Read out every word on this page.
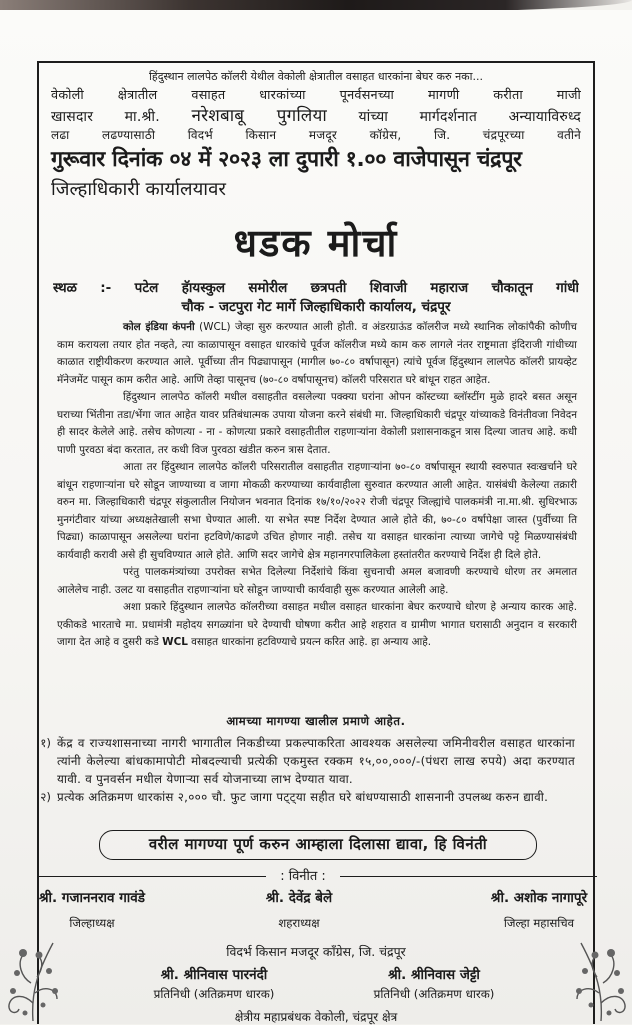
हिंदुस्थान लालपेठ कॉलरी येथील वेकोली क्षेत्रातील वसाहत धारकांना बेघर करु नका...
वेकोली क्षेत्रातील वसाहत धारकांच्या पूनर्वसनच्या मागणी करीता माजी
खासदार मा.श्री. नरेशबाबू पुगलिया यांच्या मार्गदर्शनात अन्यायाविरुध्द
लढा लढण्यासाठी विदर्भ किसान मजदूर कॉग्रेस, जि. चंद्रपूरच्या वतीने
गुरूवार दिनांक ०४ में २०२३ ला दुपारी १.०० वाजेपासून चंद्रपूर
जिल्हाधिकारी कार्यालयावर
धडक मोर्चा
स्थळ :- पटेल हॅायस्कुल समोरील छत्रपती शिवाजी महाराज चौकातून गांधी
चौक - जटपुरा गेट मार्गे जिल्हाधिकारी कार्यालय, चंद्रपूर

कोल इंडिया कंपनी (WCL) जेव्हा सुरु करण्यात आली होती. व अंडरग्राऊंड कॉलरीज मध्ये स्थानिक लोकांपैकी कोणीच काम करायला तयार होत नव्हते, त्या काळापासून वसाहत धारकांचे पूर्वज कॉलरीज मध्ये काम करु लागले नंतर राष्ट्रमाता इंदिराजी गांधीच्या काळात राष्ट्रीयीकरण करण्यात आले. पूर्वीच्या तीन पिढ्यापासून (मागील ७०-८० वर्षापासून) त्यांचे पूर्वज हिंदुस्थान लालपेठ कॉलरी प्रायव्हेट मॅनेजमेंट पासून काम करीत आहे. आणि तेव्हा पासूनच (७०-८० वर्षापासूनच) कॉलरी परिसरात घरे बांधून राहत आहेत.

हिंदुस्थान लालपेठ कॉलरी मधील वसाहतीत वसलेल्या पक्क्या घरांना ओपन कॉस्टच्या ब्लॉस्टींग मुळे हादरे बसत असून घराच्या भिंतीना तडा/भेंगा जात आहेत यावर प्रतिबंधात्मक उपाया योजना करने संबंधी मा. जिल्हाधिकारी चंद्रपूर यांच्याकडे विनंतीवजा निवेदन ही सादर केलेले आहे. तसेच कोणत्या - ना - कोणत्या प्रकारे वसाहतीतील राहणाऱ्यांना वेकोली प्रशासनाकडून त्रास दिल्या जातच आहे. कधी पाणी पुरवठा बंदा करतात, तर कधी विज पुरवठा खंडीत करुन त्रास देतात.

आता तर हिंदुस्थान लालपेठ कॉलरी परिसरातील वसाहतीत राहणाऱ्यांना ७०-८० वर्षापासून स्थायी स्वरुपात स्वःखर्चाने घरे बांधून राहणाऱ्यांना घरे सोडून जाण्याच्या व जागा मोकळी करण्याच्या कार्यवाहीला सुरुवात करण्यात आली आहेत. यासंबंधी केलेल्या तक्रारी वरुन मा. जिल्हाधिकारी चंद्रपूर संकुलातील नियोजन भवनात दिनांक १७/१०/२०२२ रोजी चंद्रपूर जिल्ह्यांचे पालकमंत्री ना.मा.श्री. सुधिरभाऊ मुनगंटीवार यांच्या अध्यक्षतेखाली सभा घेण्यात आली. या सभेत स्पष्ट निर्देश देण्यात आले होते की, ७०-८० वर्षापेक्षा जास्त (पुर्वीच्या ति पिढ्या) काळापासून असलेल्या घरांना हटविणे/काढणे उचित होणार नाही. तसेच या वसाहत धारकांना त्याच्या जागेचे पट्टे मिळण्यासंबंधी कार्यवाही करावी असे ही सुचविण्यात आले होते. आणि सदर जागेचे क्षेत्र महानगरपालिकेला हस्तांतरीत करण्याचे निर्देश ही दिले होते.

परंतु पालकमंत्र्यांच्या उपरोक्त सभेत दिलेल्या निर्देशांचे किंवा सुचनाची अमल बजावणी करण्याचे धोरण तर अमलात आलेलेच नाही. उलट या वसाहतीत राहणाऱ्यांना घरे सोडून जाण्याची कार्यवाही सुरू करण्यात आलेली आहे.

अशा प्रकारे हिंदुस्थान लालपेठ कॉलरीच्या वसाहत मधील वसाहत धारकांना बेघर करण्याचे धोरण हे अन्याय कारक आहे. एकीकडे भारताचे मा. प्रधामंत्री महोदय सगळ्यांना घरे देण्याची घोषणा करीत आहे शहरात व ग्रामीण भागात घरासाठी अनुदान व सरकारी जागा देत आहे व दुसरी कडे WCL वसाहत धारकांना हटविण्याचे प्रयत्न करित आहे. हा अन्याय आहे.

आमच्या मागण्या खालील प्रमाणे आहेत.
१) केंद्र व राज्यशासनाच्या नागरी भागातील निकडीच्या प्रकल्पाकरिता आवश्यक असलेल्या जमिनीवरील वसाहत धारकांना त्यांनी केलेल्या बांधकामापोटी मोबदल्याची प्रत्येकी एकमुस्त रक्कम १५,००,०००/-(पंधरा लाख रुपये) अदा करण्यात यावी. व पुनवर्सन मधील येणाऱ्या सर्व योजनाच्या लाभ देण्यात यावा.
२) प्रत्येक अतिक्रमण धारकांस २,००० चौ. फुट जागा पट्ट्या सहीत घरे बांधण्यासाठी शासनानी उपलब्ध करुन द्यावी.
वरील मागण्या पूर्ण करुन आम्हाला दिलासा द्यावा, हि विनंती
: विनीत :
श्री. गजाननराव गावंडे
जिल्हाध्यक्ष
श्री. देवेंद्र बेले
शहराध्यक्ष
श्री. अशोक नागापूरे
जिल्हा महासचिव
विदर्भ किसान मजदूर कॉंग्रेस, जि. चंद्रपूर
श्री. श्रीनिवास पारनंदी
प्रतिनिधी (अतिक्रमण धारक)
श्री. श्रीनिवास जेट्टी
प्रतिनिधी (अतिक्रमण धारक)
क्षेत्रीय महाप्रबंधक वेकोली, चंद्रपूर क्षेत्र
